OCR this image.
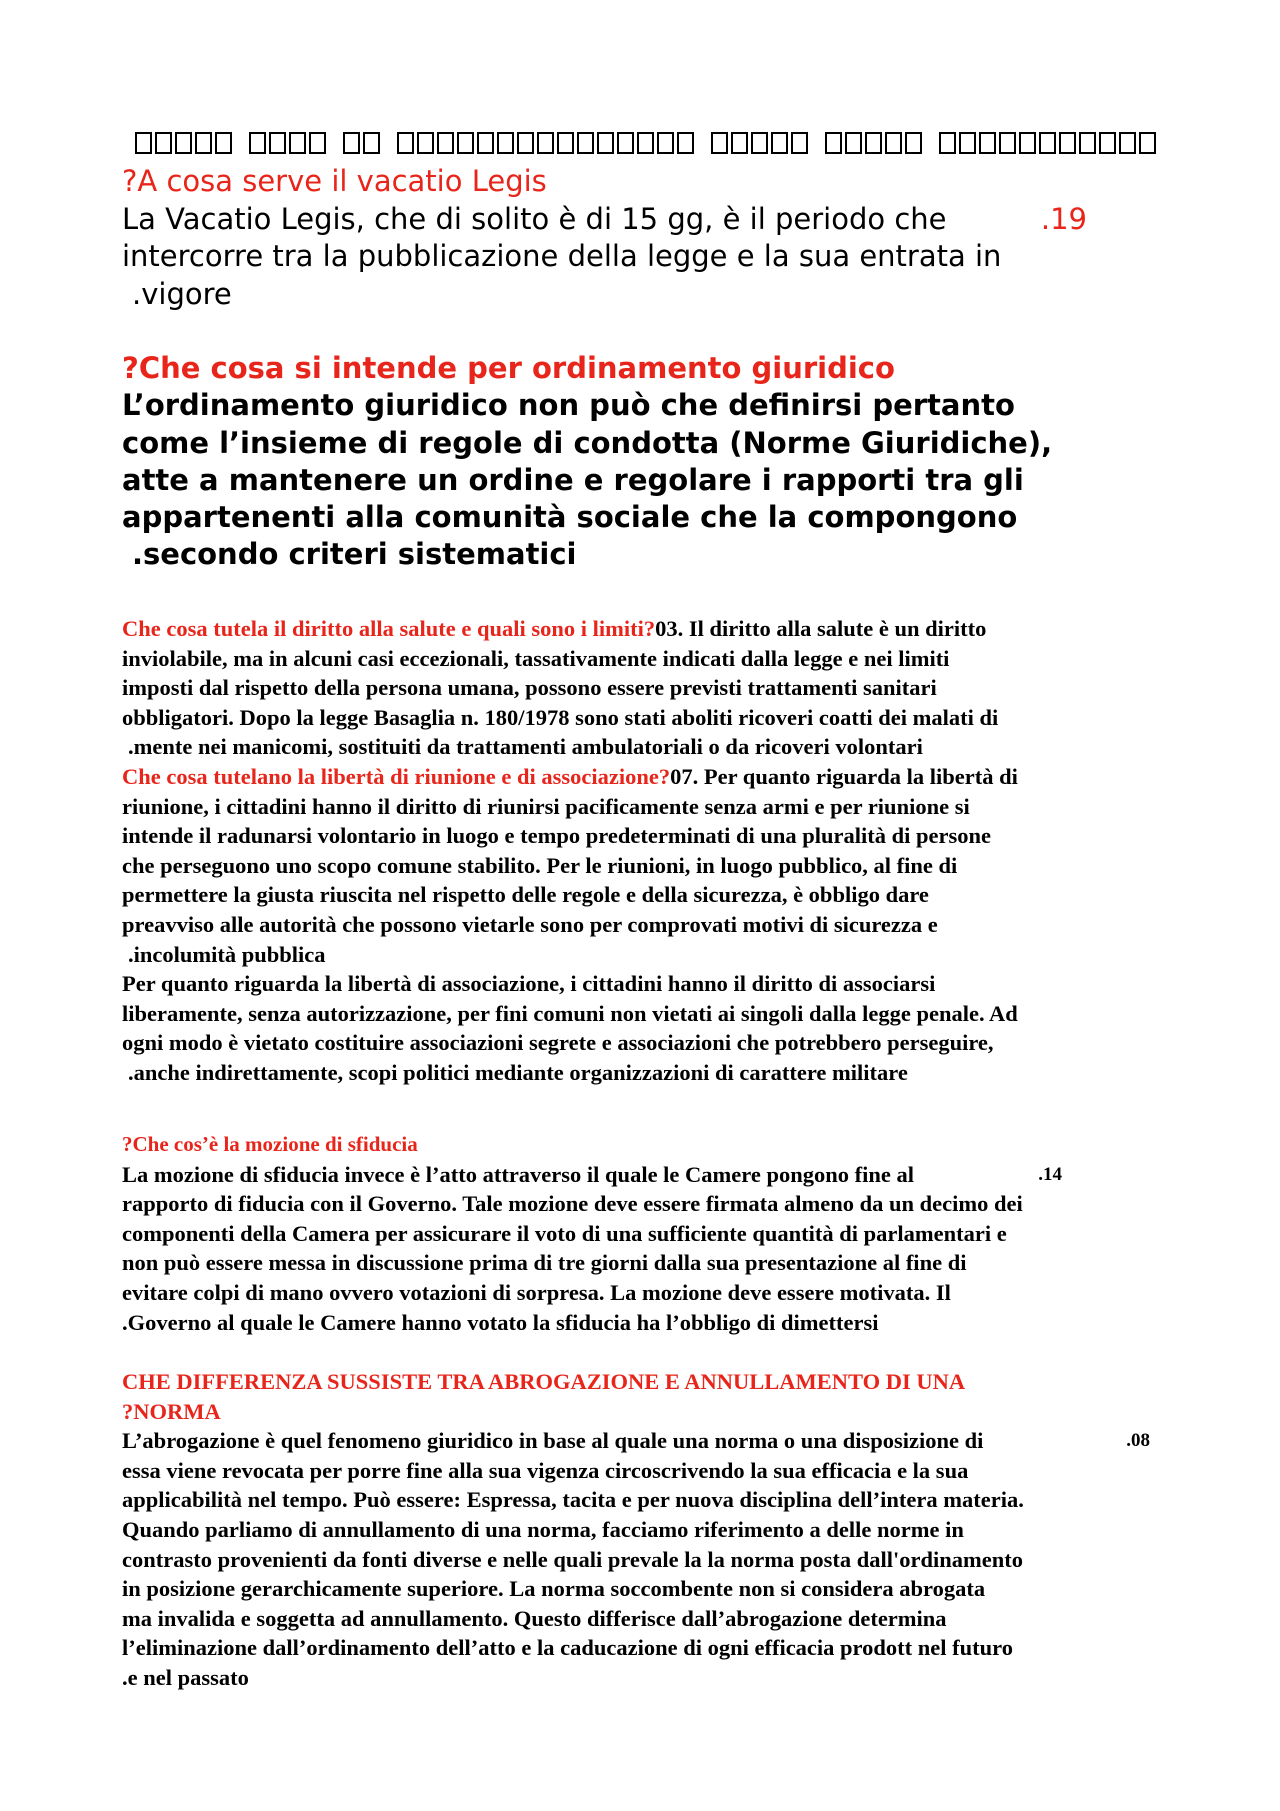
?A cosa serve il vacatio Legis
La Vacatio Legis, che di solito è di 15 gg, è il periodo che	.19
intercorre tra la pubblicazione della legge e la sua entrata in
.vigore
?Che cosa si intende per ordinamento giuridico
L’ordinamento giuridico non può che definirsi pertanto
come l’insieme di regole di condotta (Norme Giuridiche),
atte a mantenere un ordine e regolare i rapporti tra gli
appartenenti alla comunità sociale che la compongono
.secondo criteri sistematici
Che cosa tutela il diritto alla salute e quali sono i limiti?03. Il diritto alla salute è un diritto
inviolabile, ma in alcuni casi eccezionali, tassativamente indicati dalla legge e nei limiti
imposti dal rispetto della persona umana, possono essere previsti trattamenti sanitari
obbligatori. Dopo la legge Basaglia n. 180/1978 sono stati aboliti ricoveri coatti dei malati di
.mente nei manicomi, sostituiti da trattamenti ambulatoriali o da ricoveri volontari
Che cosa tutelano la libertà di riunione e di associazione?07. Per quanto riguarda la libertà di
riunione, i cittadini hanno il diritto di riunirsi pacificamente senza armi e per riunione si
intende il radunarsi volontario in luogo e tempo predeterminati di una pluralità di persone
che perseguono uno scopo comune stabilito. Per le riunioni, in luogo pubblico, al fine di
permettere la giusta riuscita nel rispetto delle regole e della sicurezza, è obbligo dare
preavviso alle autorità che possono vietarle sono per comprovati motivi di sicurezza e
.incolumità pubblica
Per quanto riguarda la libertà di associazione, i cittadini hanno il diritto di associarsi
liberamente, senza autorizzazione, per fini comuni non vietati ai singoli dalla legge penale. Ad
ogni modo è vietato costituire associazioni segrete e associazioni che potrebbero perseguire,
.anche indirettamente, scopi politici mediante organizzazioni di carattere militare
?Che cos’è la mozione di sfiducia
La mozione di sfiducia invece è l’atto attraverso il quale le Camere pongono fine al	.14
rapporto di fiducia con il Governo. Tale mozione deve essere firmata almeno da un decimo dei
componenti della Camera per assicurare il voto di una sufficiente quantità di parlamentari e
non può essere messa in discussione prima di tre giorni dalla sua presentazione al fine di
evitare colpi di mano ovvero votazioni di sorpresa. La mozione deve essere motivata. Il
.Governo al quale le Camere hanno votato la sfiducia ha l’obbligo di dimettersi
CHE DIFFERENZA SUSSISTE TRA ABROGAZIONE E ANNULLAMENTO DI UNA
?NORMA
L’abrogazione è quel fenomeno giuridico in base al quale una norma o una disposizione di	.08
essa viene revocata per porre fine alla sua vigenza circoscrivendo la sua efficacia e la sua
applicabilità nel tempo. Può essere: Espressa, tacita e per nuova disciplina dell’intera materia.
Quando parliamo di annullamento di una norma, facciamo riferimento a delle norme in
contrasto provenienti da fonti diverse e nelle quali prevale la la norma posta dall'ordinamento
in posizione gerarchicamente superiore. La norma soccombente non si considera abrogata
ma invalida e soggetta ad annullamento. Questo differisce dall’abrogazione determina
l’eliminazione dall’ordinamento dell’atto e la caducazione di ogni efficacia prodott nel futuro
.e nel passato
